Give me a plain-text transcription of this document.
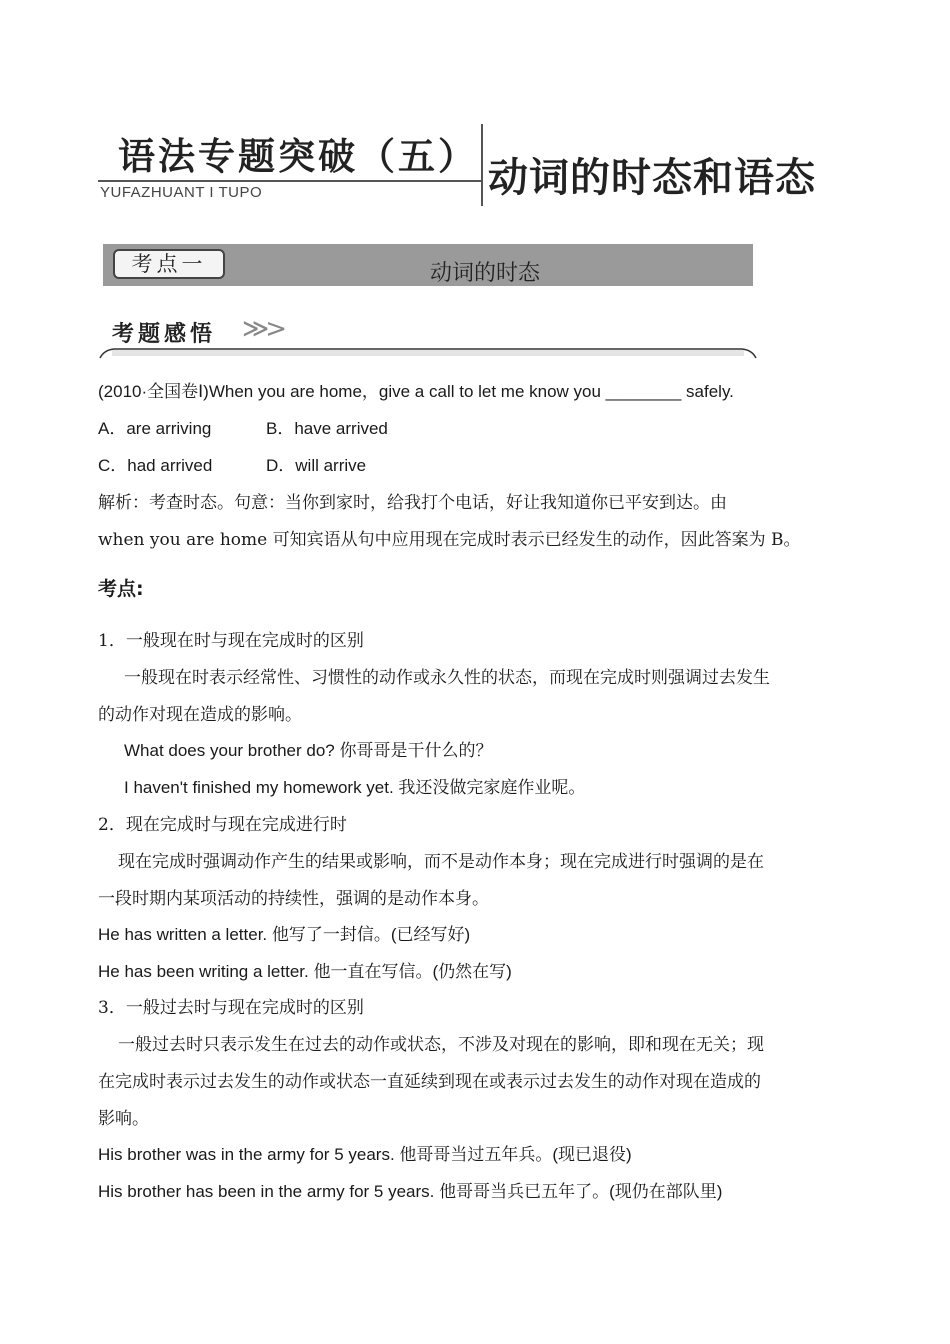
语法专题突破（五）
YUFAZHUANT I TUPO	动词的时态和语态
考点一	动词的时态
考题感悟 ≫>
(2010·全国卷Ⅰ)When you are home，give a call to let me know you ________ safely.
A．are arriving	B．have arrived
C．had arrived	D．will arrive
解析：考查时态。句意：当你到家时，给我打个电话，好让我知道你已平安到达。由
when you are home 可知宾语从句中应用现在完成时表示已经发生的动作，因此答案为 B。
考点:
1．一般现在时与现在完成时的区别
一般现在时表示经常性、习惯性的动作或永久性的状态，而现在完成时则强调过去发生
的动作对现在造成的影响。
What does your brother do? 你哥哥是干什么的？
I haven't finished my homework yet. 我还没做完家庭作业呢。
2．现在完成时与现在完成进行时
现在完成时强调动作产生的结果或影响，而不是动作本身；现在完成进行时强调的是在
一段时期内某项活动的持续性，强调的是动作本身。
He has written a letter. 他写了一封信。(已经写好)
He has been writing a letter. 他一直在写信。(仍然在写)
3．一般过去时与现在完成时的区别
一般过去时只表示发生在过去的动作或状态，不涉及对现在的影响，即和现在无关；现
在完成时表示过去发生的动作或状态一直延续到现在或表示过去发生的动作对现在造成的
影响。
His brother was in the army for 5 years. 他哥哥当过五年兵。(现已退役)
His brother has been in the army for 5 years. 他哥哥当兵已五年了。(现仍在部队里)
